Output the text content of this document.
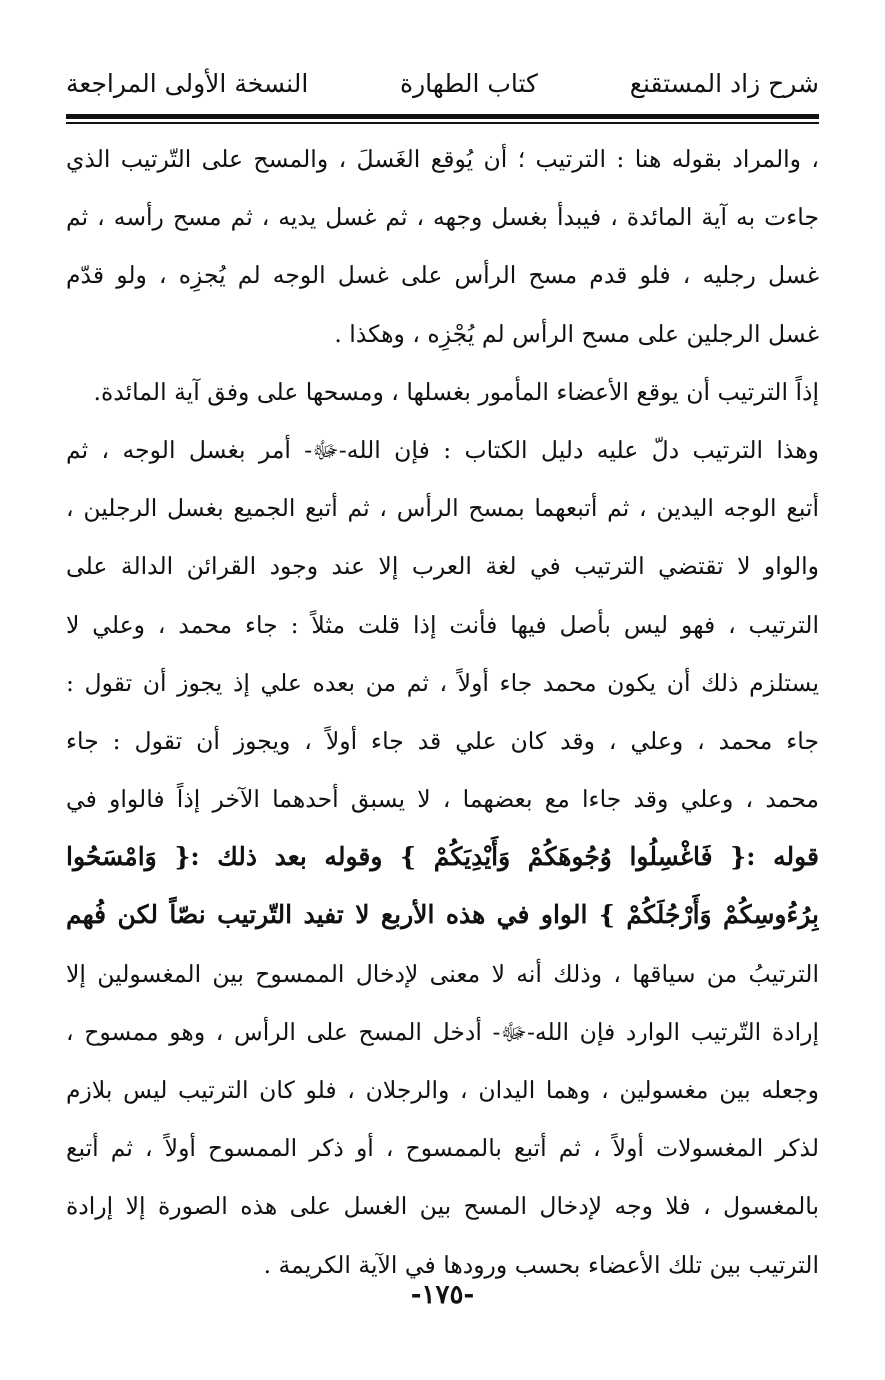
شرح زاد المستقنع
كتاب الطهارة
النسخة الأولى المراجعة
، والمراد بقوله هنا : الترتيب ؛ أن يُوقع الغَسلَ ، والمسح على التّرتيب الذي
جاءت به آية المائدة ، فيبدأ بغسل وجهه ، ثم غسل يديه ، ثم مسح رأسه ، ثم
غسل رجليه ، فلو قدم مسح الرأس على غسل الوجه لم يُجزِه ، ولو قدّم
غسل الرجلين على مسح الرأس لم يُجْزِه ، وهكذا .
إذاً الترتيب أن يوقع الأعضاء المأمور بغسلها ، ومسحها على وفق آية المائدة.
وهذا الترتيب دلّ عليه دليل الكتاب : فإن الله-ﷻ- أمر بغسل الوجه ، ثم
أتبع الوجه اليدين ، ثم أتبعهما بمسح الرأس ، ثم أتبع الجميع بغسل الرجلين ،
والواو لا تقتضي الترتيب في لغة العرب إلا عند وجود القرائن الدالة على
الترتيب ، فهو ليس بأصل فيها فأنت إذا قلت مثلاً : جاء محمد ، وعلي لا
يستلزم ذلك أن يكون محمد جاء أولاً ، ثم من بعده علي إذ يجوز أن تقول :
جاء محمد ، وعلي ، وقد كان علي قد جاء أولاً ، ويجوز أن تقول : جاء
محمد ، وعلي وقد جاءا مع بعضهما ، لا يسبق أحدهما الآخر إذاً فالواو في
قوله :{ فَاغْسِلُوا وُجُوهَكُمْ وَأَيْدِيَكُمْ } وقوله بعد ذلك :{ وَامْسَحُوا
بِرُءُوسِكُمْ وَأَرْجُلَكُمْ } الواو في هذه الأربع لا تفيد التّرتيب نصّاً لكن فُهم
الترتيبُ من سياقها ، وذلك أنه لا معنى لإدخال الممسوح بين المغسولين إلا
إرادة التّرتيب الوارد فإن الله-ﷻ- أدخل المسح على الرأس ، وهو ممسوح ،
وجعله بين مغسولين ، وهما اليدان ، والرجلان ، فلو كان الترتيب ليس بلازم
لذكر المغسولات أولاً ، ثم أتبع بالممسوح ، أو ذكر الممسوح أولاً ، ثم أتبع
بالمغسول ، فلا وجه لإدخال المسح بين الغسل على هذه الصورة إلا إرادة
الترتيب بين تلك الأعضاء بحسب ورودها في الآية الكريمة .
-١٧٥-
